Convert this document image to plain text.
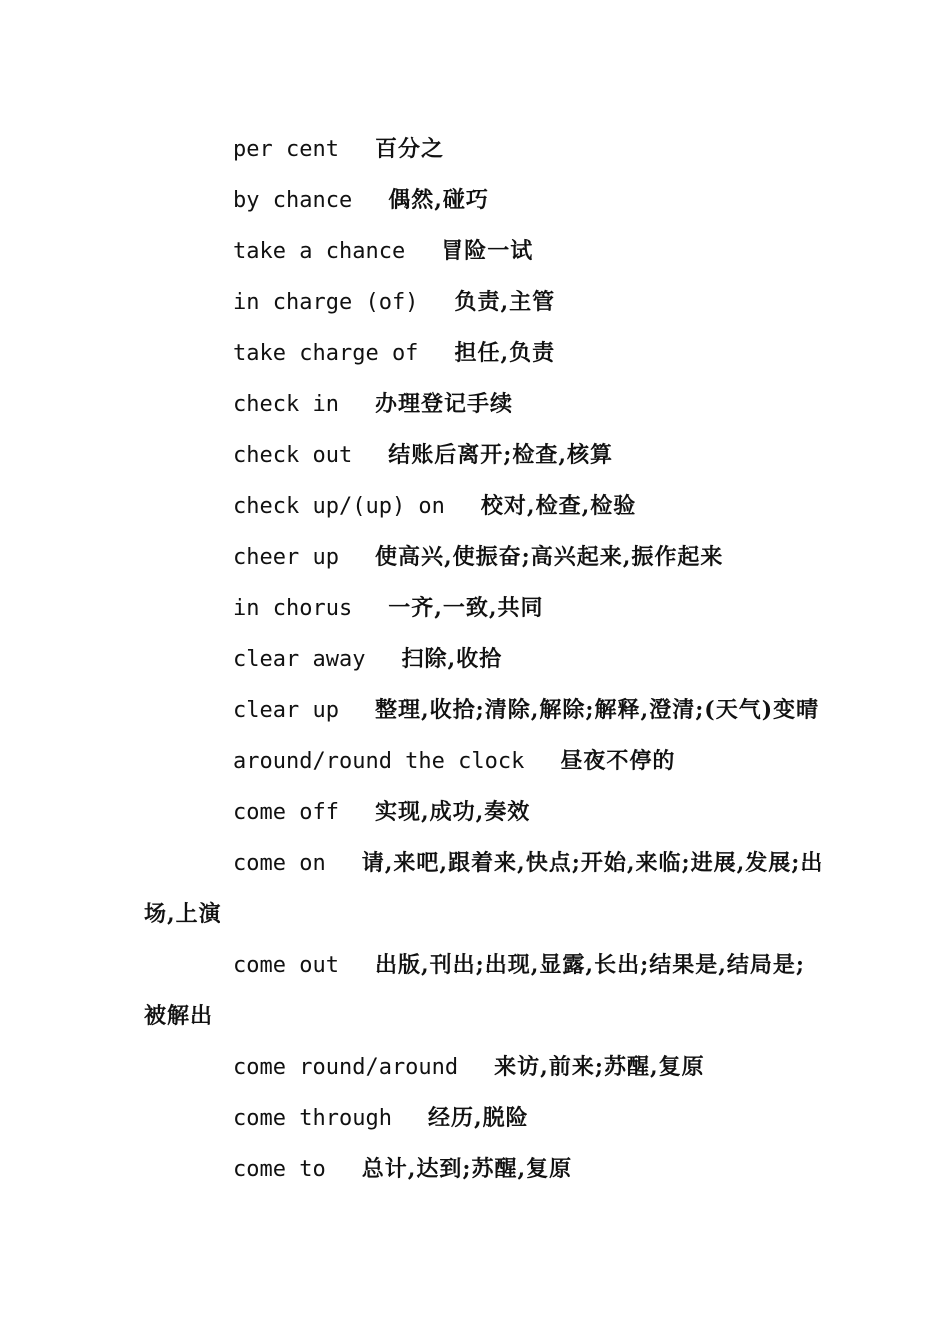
per cent 百分之

by chance 偶然,碰巧

take a chance 冒险一试

in charge (of) 负责,主管

take charge of 担任,负责

check in 办理登记手续

check out 结账后离开;检查,核算

check up/(up) on 校对,检查,检验

cheer up 使高兴,使振奋;高兴起来,振作起来

in chorus 一齐,一致,共同

clear away 扫除,收拾

clear up 整理,收拾;清除,解除;解释,澄清;(天气)变晴

around/round the clock 昼夜不停的

come off 实现,成功,奏效

come on 请,来吧,跟着来,快点;开始,来临;进展,发展;出场,上演

come out 出版,刊出;出现,显露,长出;结果是,结局是;被解出

come round/around 来访,前来;苏醒,复原

come through 经历,脱险

come to 总计,达到;苏醒,复原
